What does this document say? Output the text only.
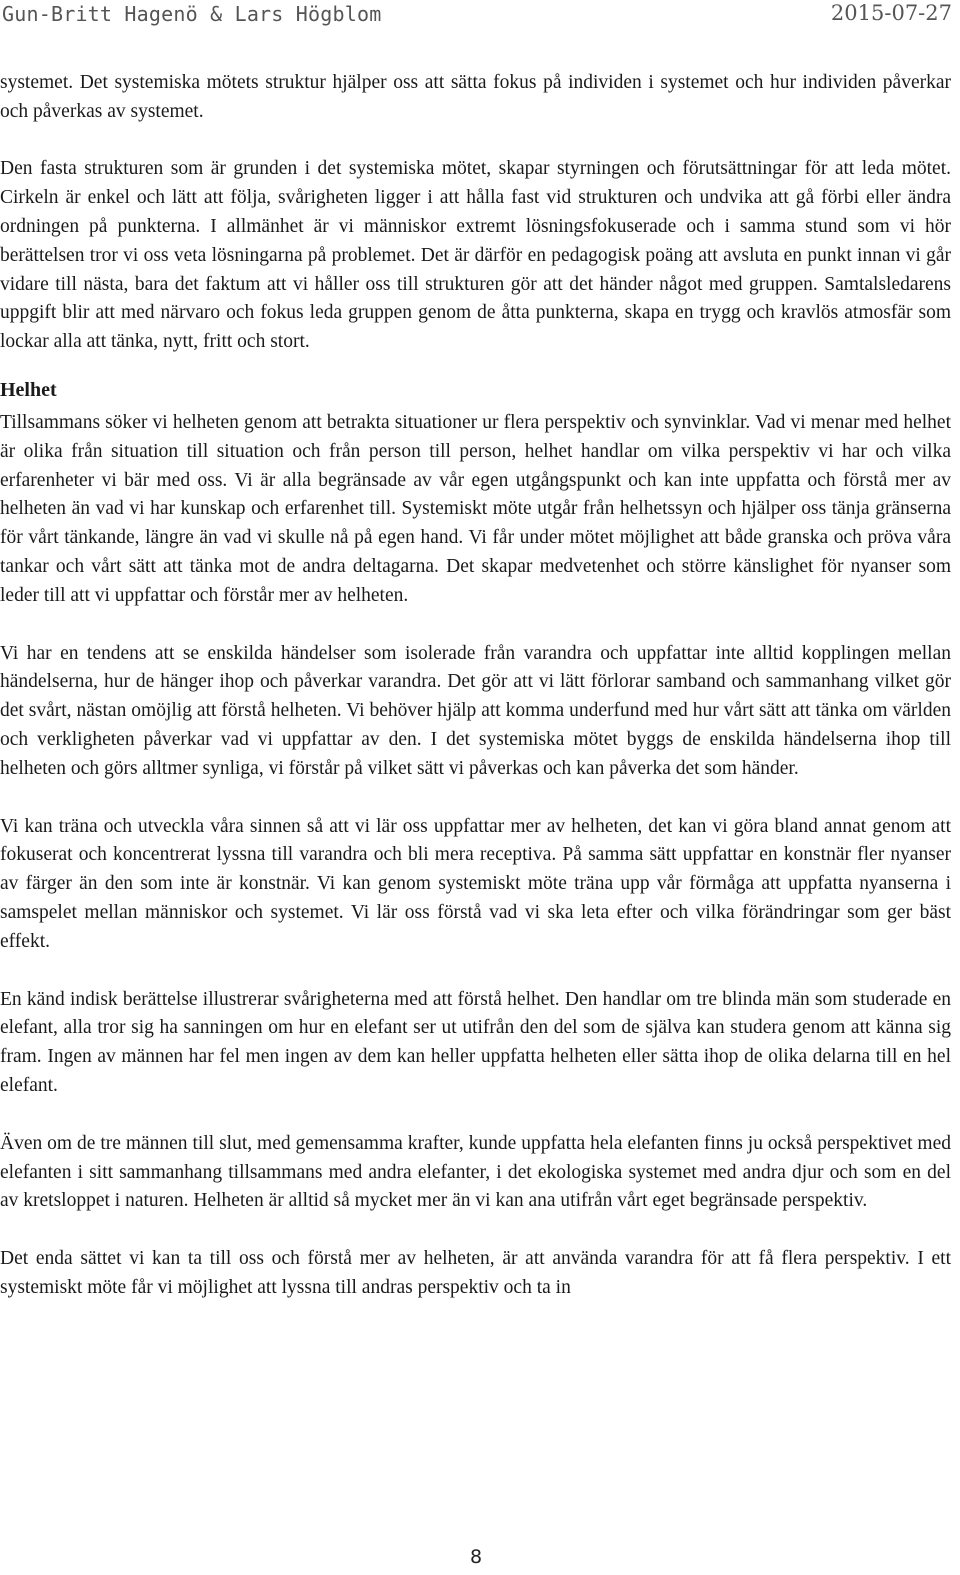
Gun-Britt Hagenö & Lars Högblom	2015-07-27

systemet. Det systemiska mötets struktur hjälper oss att sätta fokus på individen i systemet och hur individen påverkar och påverkas av systemet.

Den fasta strukturen som är grunden i det systemiska mötet, skapar styrningen och förutsättningar för att leda mötet. Cirkeln är enkel och lätt att följa, svårigheten ligger i att hålla fast vid strukturen och undvika att gå förbi eller ändra ordningen på punkterna. I allmänhet är vi människor extremt lösningsfokuserade och i samma stund som vi hör berättelsen tror vi oss veta lösningarna på problemet. Det är därför en pedagogisk poäng att avsluta en punkt innan vi går vidare till nästa, bara det faktum att vi håller oss till strukturen gör att det händer något med gruppen. Samtalsledarens uppgift blir att med närvaro och fokus leda gruppen genom de åtta punkterna, skapa en trygg och kravlös atmosfär som lockar alla att tänka, nytt, fritt och stort.

Helhet

Tillsammans söker vi helheten genom att betrakta situationer ur flera perspektiv och synvinklar. Vad vi menar med helhet är olika från situation till situation och från person till person, helhet handlar om vilka perspektiv vi har och vilka erfarenheter vi bär med oss. Vi är alla begränsade av vår egen utgångspunkt och kan inte uppfatta och förstå mer av helheten än vad vi har kunskap och erfarenhet till. Systemiskt möte utgår från helhetssyn och hjälper oss tänja gränserna för vårt tänkande, längre än vad vi skulle nå på egen hand. Vi får under mötet möjlighet att både granska och pröva våra tankar och vårt sätt att tänka mot de andra deltagarna. Det skapar medvetenhet och större känslighet för nyanser som leder till att vi uppfattar och förstår mer av helheten.

Vi har en tendens att se enskilda händelser som isolerade från varandra och uppfattar inte alltid kopplingen mellan händelserna, hur de hänger ihop och påverkar varandra. Det gör att vi lätt förlorar samband och sammanhang vilket gör det svårt, nästan omöjlig att förstå helheten. Vi behöver hjälp att komma underfund med hur vårt sätt att tänka om världen och verkligheten påverkar vad vi uppfattar av den. I det systemiska mötet byggs de enskilda händelserna ihop till helheten och görs alltmer synliga, vi förstår på vilket sätt vi påverkas och kan påverka det som händer.

Vi kan träna och utveckla våra sinnen så att vi lär oss uppfattar mer av helheten, det kan vi göra bland annat genom att fokuserat och koncentrerat lyssna till varandra och bli mera receptiva. På samma sätt uppfattar en konstnär fler nyanser av färger än den som inte är konstnär. Vi kan genom systemiskt möte träna upp vår förmåga att uppfatta nyanserna i samspelet mellan människor och systemet. Vi lär oss förstå vad vi ska leta efter och vilka förändringar som ger bäst effekt.

En känd indisk berättelse illustrerar svårigheterna med att förstå helhet. Den handlar om tre blinda män som studerade en elefant, alla tror sig ha sanningen om hur en elefant ser ut utifrån den del som de själva kan studera genom att känna sig fram. Ingen av männen har fel men ingen av dem kan heller uppfatta helheten eller sätta ihop de olika delarna till en hel elefant.

Även om de tre männen till slut, med gemensamma krafter, kunde uppfatta hela elefanten finns ju också perspektivet med elefanten i sitt sammanhang tillsammans med andra elefanter, i det ekologiska systemet med andra djur och som en del av kretsloppet i naturen. Helheten är alltid så mycket mer än vi kan ana utifrån vårt eget begränsade perspektiv.

Det enda sättet vi kan ta till oss och förstå mer av helheten, är att använda varandra för att få flera perspektiv. I ett systemiskt möte får vi möjlighet att lyssna till andras perspektiv och ta in

8
